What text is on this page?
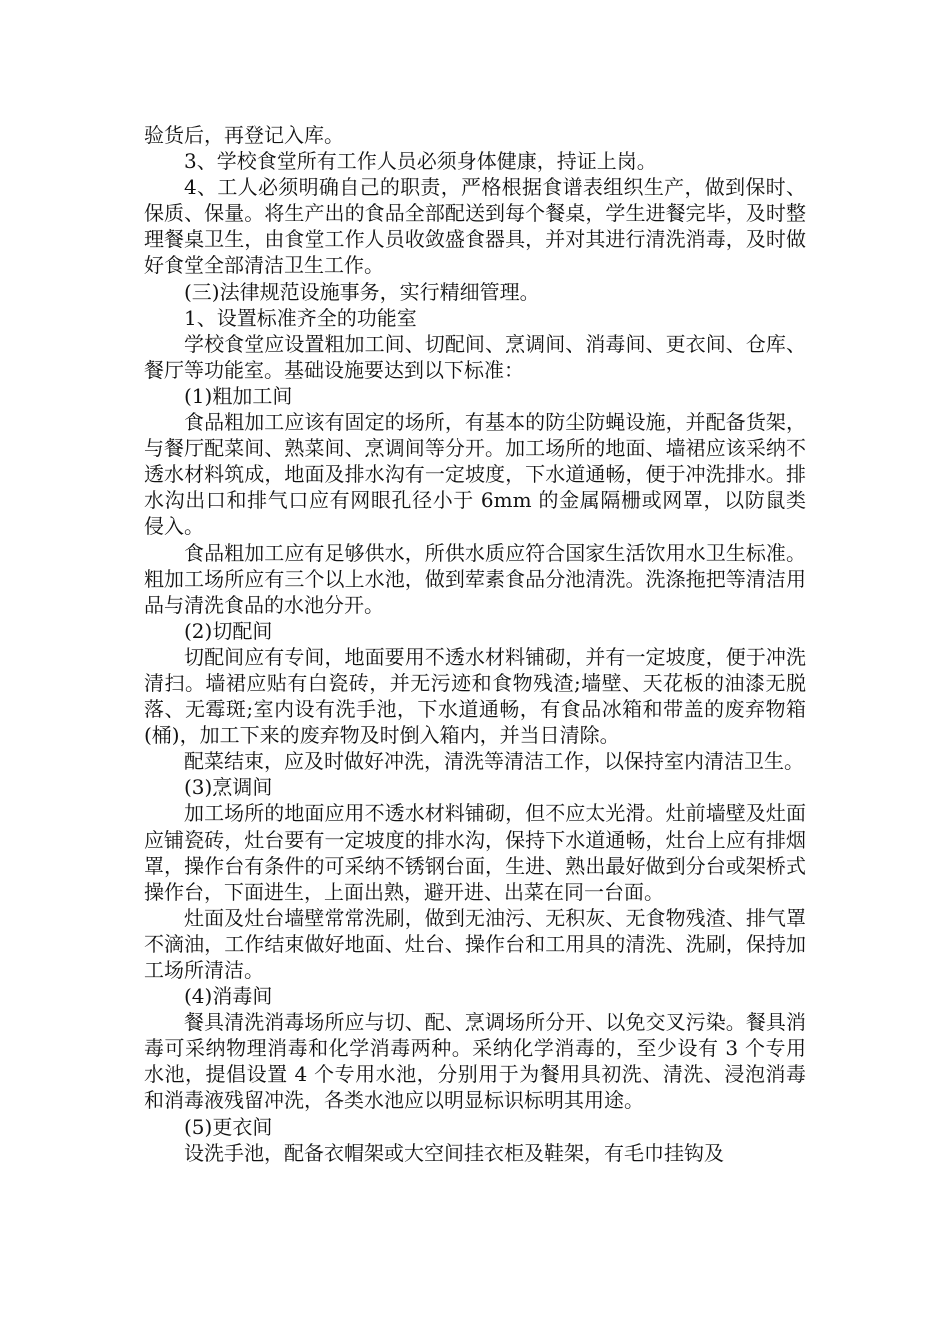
验货后，再登记入库。

3、学校食堂所有工作人员必须身体健康，持证上岗。

4、工人必须明确自己的职责，严格根据食谱表组织生产，做到保时、保质、保量。将生产出的食品全部配送到每个餐桌，学生进餐完毕，及时整理餐桌卫生，由食堂工作人员收敛盛食器具，并对其进行清洗消毒，及时做好食堂全部清洁卫生工作。

(三)法律规范设施事务，实行精细管理。

1、设置标准齐全的功能室

学校食堂应设置粗加工间、切配间、烹调间、消毒间、更衣间、仓库、餐厅等功能室。基础设施要达到以下标准：

(1)粗加工间

食品粗加工应该有固定的场所，有基本的防尘防蝇设施，并配备货架，与餐厅配菜间、熟菜间、烹调间等分开。加工场所的地面、墙裙应该采纳不透水材料筑成，地面及排水沟有一定坡度，下水道通畅，便于冲洗排水。排水沟出口和排气口应有网眼孔径小于 6mm 的金属隔栅或网罩，以防鼠类侵入。

食品粗加工应有足够供水，所供水质应符合国家生活饮用水卫生标准。粗加工场所应有三个以上水池，做到荤素食品分池清洗。洗涤拖把等清洁用品与清洗食品的水池分开。

(2)切配间

切配间应有专间，地面要用不透水材料铺砌，并有一定坡度，便于冲洗清扫。墙裙应贴有白瓷砖，并无污迹和食物残渣;墙壁、天花板的油漆无脱落、无霉斑;室内设有洗手池，下水道通畅，有食品冰箱和带盖的废弃物箱(桶)，加工下来的废弃物及时倒入箱内，并当日清除。

配菜结束，应及时做好冲洗，清洗等清洁工作，以保持室内清洁卫生。

(3)烹调间

加工场所的地面应用不透水材料铺砌，但不应太光滑。灶前墙壁及灶面应铺瓷砖，灶台要有一定坡度的排水沟，保持下水道通畅，灶台上应有排烟罩，操作台有条件的可采纳不锈钢台面，生进、熟出最好做到分台或架桥式操作台，下面进生，上面出熟，避开进、出菜在同一台面。

灶面及灶台墙壁常常洗刷，做到无油污、无积灰、无食物残渣、排气罩不滴油，工作结束做好地面、灶台、操作台和工用具的清洗、洗刷，保持加工场所清洁。

(4)消毒间

餐具清洗消毒场所应与切、配、烹调场所分开、以免交叉污染。餐具消毒可采纳物理消毒和化学消毒两种。采纳化学消毒的，至少设有 3 个专用水池，提倡设置 4 个专用水池，分别用于为餐用具初洗、清洗、浸泡消毒和消毒液残留冲洗，各类水池应以明显标识标明其用途。

(5)更衣间

设洗手池，配备衣帽架或大空间挂衣柜及鞋架，有毛巾挂钩及
